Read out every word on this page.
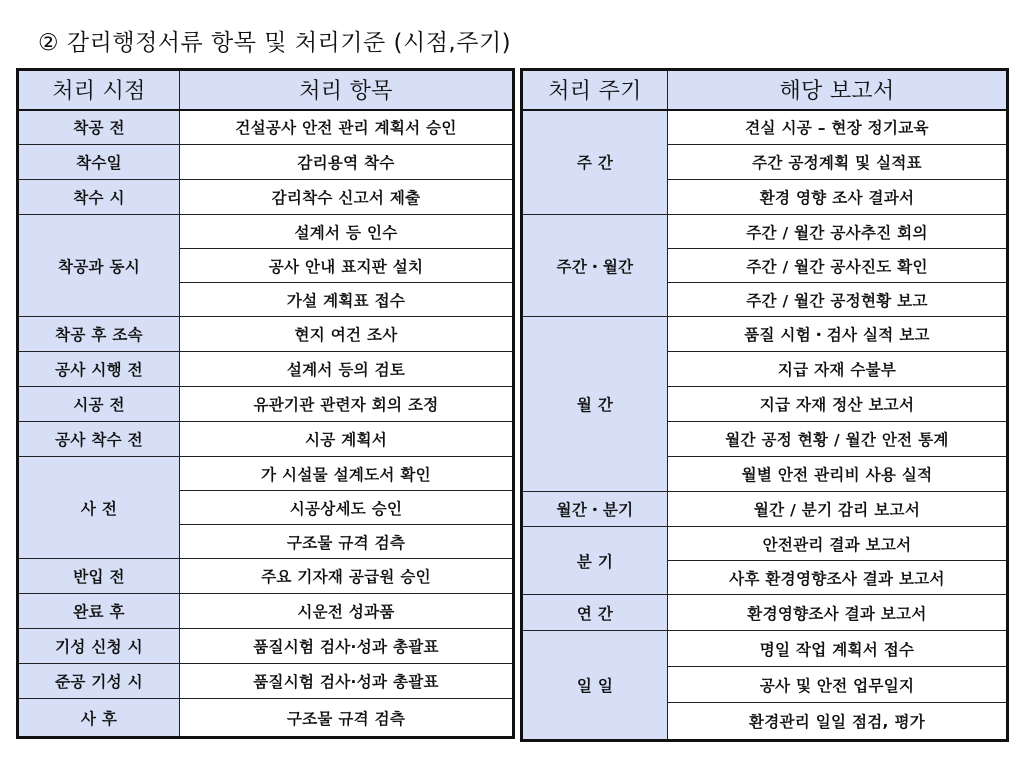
② 감리행정서류 항목 및 처리기준 (시점,주기)
처리 시점	처리 항목
착공 전	건설공사 안전 관리 계획서 승인
착수일	감리용역 착수
착수 시	감리착수 신고서 제출
착공과 동시	설계서 등 인수
	공사 안내 표지판 설치
	가설 계획표 접수
착공 후 조속	현지 여건 조사
공사 시행 전	설계서 등의 검토
시공 전	유관기관 관련자 회의 조정
공사 착수 전	시공 계획서
사 전	가 시설물 설계도서 확인
	시공상세도 승인
	구조물 규격 검측
반입 전	주요 기자재 공급원 승인
완료 후	시운전 성과품
기성 신청 시	품질시험 검사·성과 총괄표
준공 기성 시	품질시험 검사·성과 총괄표
사 후	구조물 규격 검측
처리 주기	해당 보고서
주 간	견실 시공 – 현장 정기교육
	주간 공정계획 및 실적표
	환경 영향 조사 결과서
주간・월간	주간 / 월간 공사추진 회의
	주간 / 월간 공사진도 확인
	주간 / 월간 공정현황 보고
월 간	품질 시험・검사 실적 보고
	지급 자재 수불부
	지급 자재 정산 보고서
	월간 공정 현황 / 월간 안전 통계
	월별 안전 관리비 사용 실적
월간・분기	월간 / 분기 감리 보고서
분 기	안전관리 결과 보고서
	사후 환경영향조사 결과 보고서
연 간	환경영향조사 결과 보고서
일 일	명일 작업 계획서 접수
	공사 및 안전 업무일지
	환경관리 일일 점검, 평가
